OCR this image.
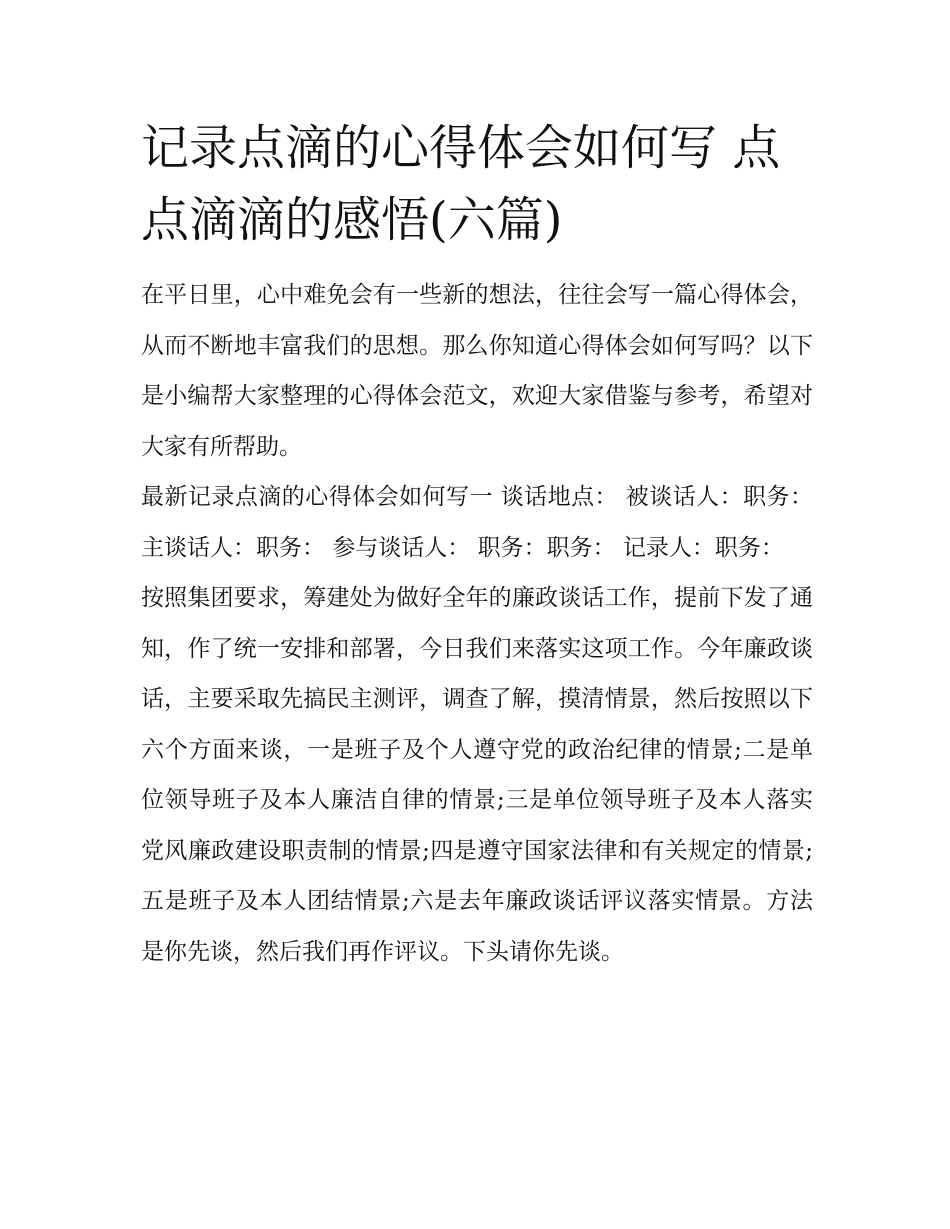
记录点滴的心得体会如何写 点点滴滴的感悟(六篇)

在平日里，心中难免会有一些新的想法，往往会写一篇心得体会，从而不断地丰富我们的思想。那么你知道心得体会如何写吗？以下是小编帮大家整理的心得体会范文，欢迎大家借鉴与参考，希望对大家有所帮助。

最新记录点滴的心得体会如何写一 谈话地点： 被谈话人：职务： 主谈话人：职务： 参与谈话人： 职务：职务： 记录人：职务：

按照集团要求，筹建处为做好全年的廉政谈话工作，提前下发了通知，作了统一安排和部署，今日我们来落实这项工作。今年廉政谈话，主要采取先搞民主测评，调查了解，摸清情景，然后按照以下六个方面来谈，一是班子及个人遵守党的政治纪律的情景;二是单位领导班子及本人廉洁自律的情景;三是单位领导班子及本人落实党风廉政建设职责制的情景;四是遵守国家法律和有关规定的情景;五是班子及本人团结情景;六是去年廉政谈话评议落实情景。方法是你先谈，然后我们再作评议。下头请你先谈。
